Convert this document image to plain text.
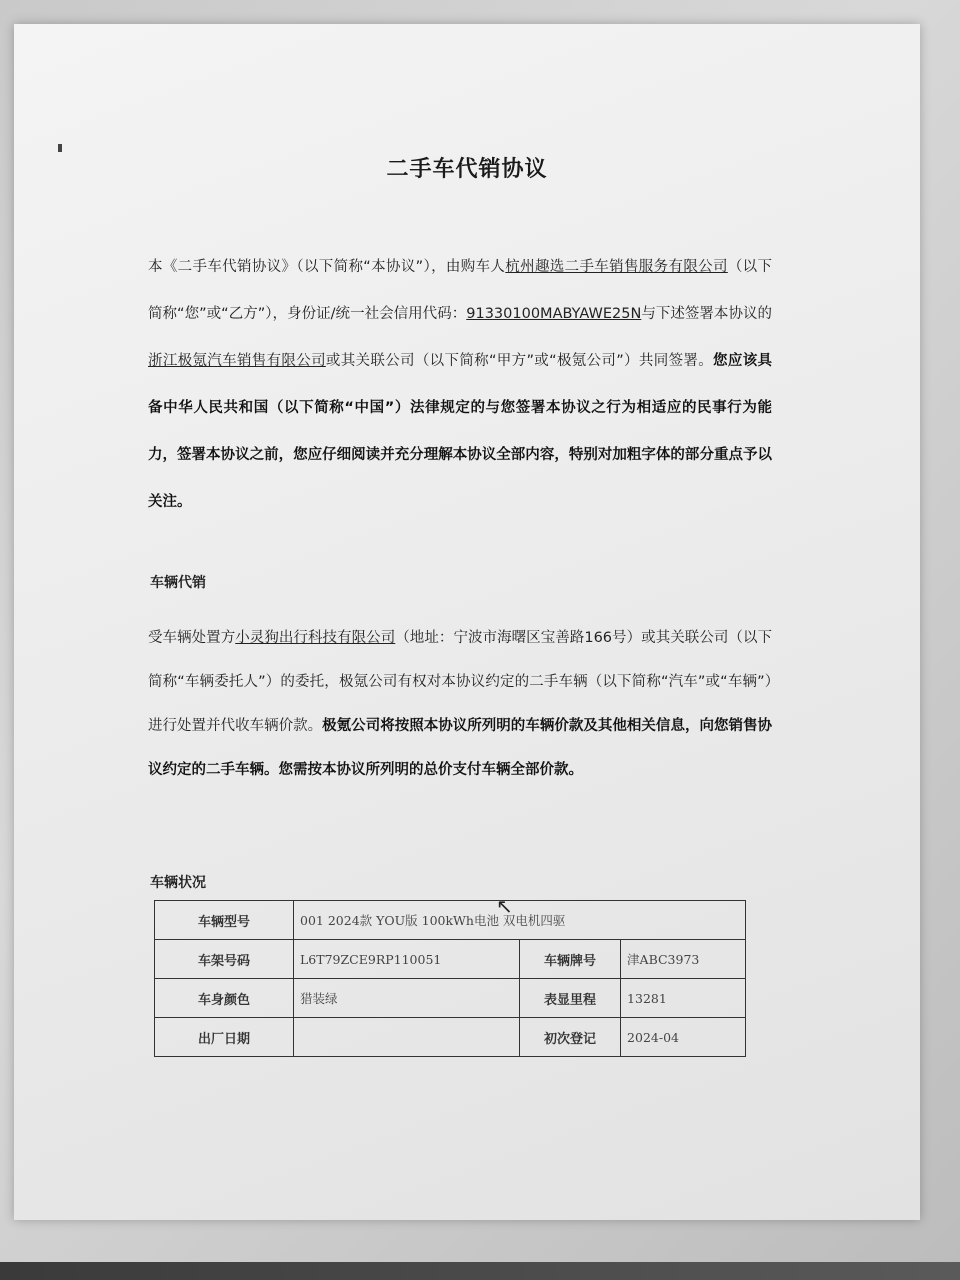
二手车代销协议
本《二手车代销协议》（以下简称“本协议”），由购车人杭州趣选二手车销售服务有限公司（以下简称“您”或“乙方”），身份证/统一社会信用代码：91330100MABYAWE25N与下述签署本协议的浙江极氪汽车销售有限公司或其关联公司（以下简称“甲方”或“极氪公司”）共同签署。您应该具备中华人民共和国（以下简称“中国”）法律规定的与您签署本协议之行为相适应的民事行为能力，签署本协议之前，您应仔细阅读并充分理解本协议全部内容，特别对加粗字体的部分重点予以关注。
车辆代销
受车辆处置方小灵狗出行科技有限公司（地址：宁波市海曙区宝善路166号）或其关联公司（以下简称“车辆委托人”）的委托，极氪公司有权对本协议约定的二手车辆（以下简称“汽车”或“车辆”）进行处置并代收车辆价款。极氪公司将按照本协议所列明的车辆价款及其他相关信息，向您销售协议约定的二手车辆。您需按本协议所列明的总价支付车辆全部价款。
车辆状况
车辆型号	001 2024款 YOU版 100kWh电池 双电机四驱		
车架号码	L6T79ZCE9RP110051	车辆牌号	津ABC3973
车身颜色	猎装绿	表显里程	13281
出厂日期		初次登记	2024-04
↖
